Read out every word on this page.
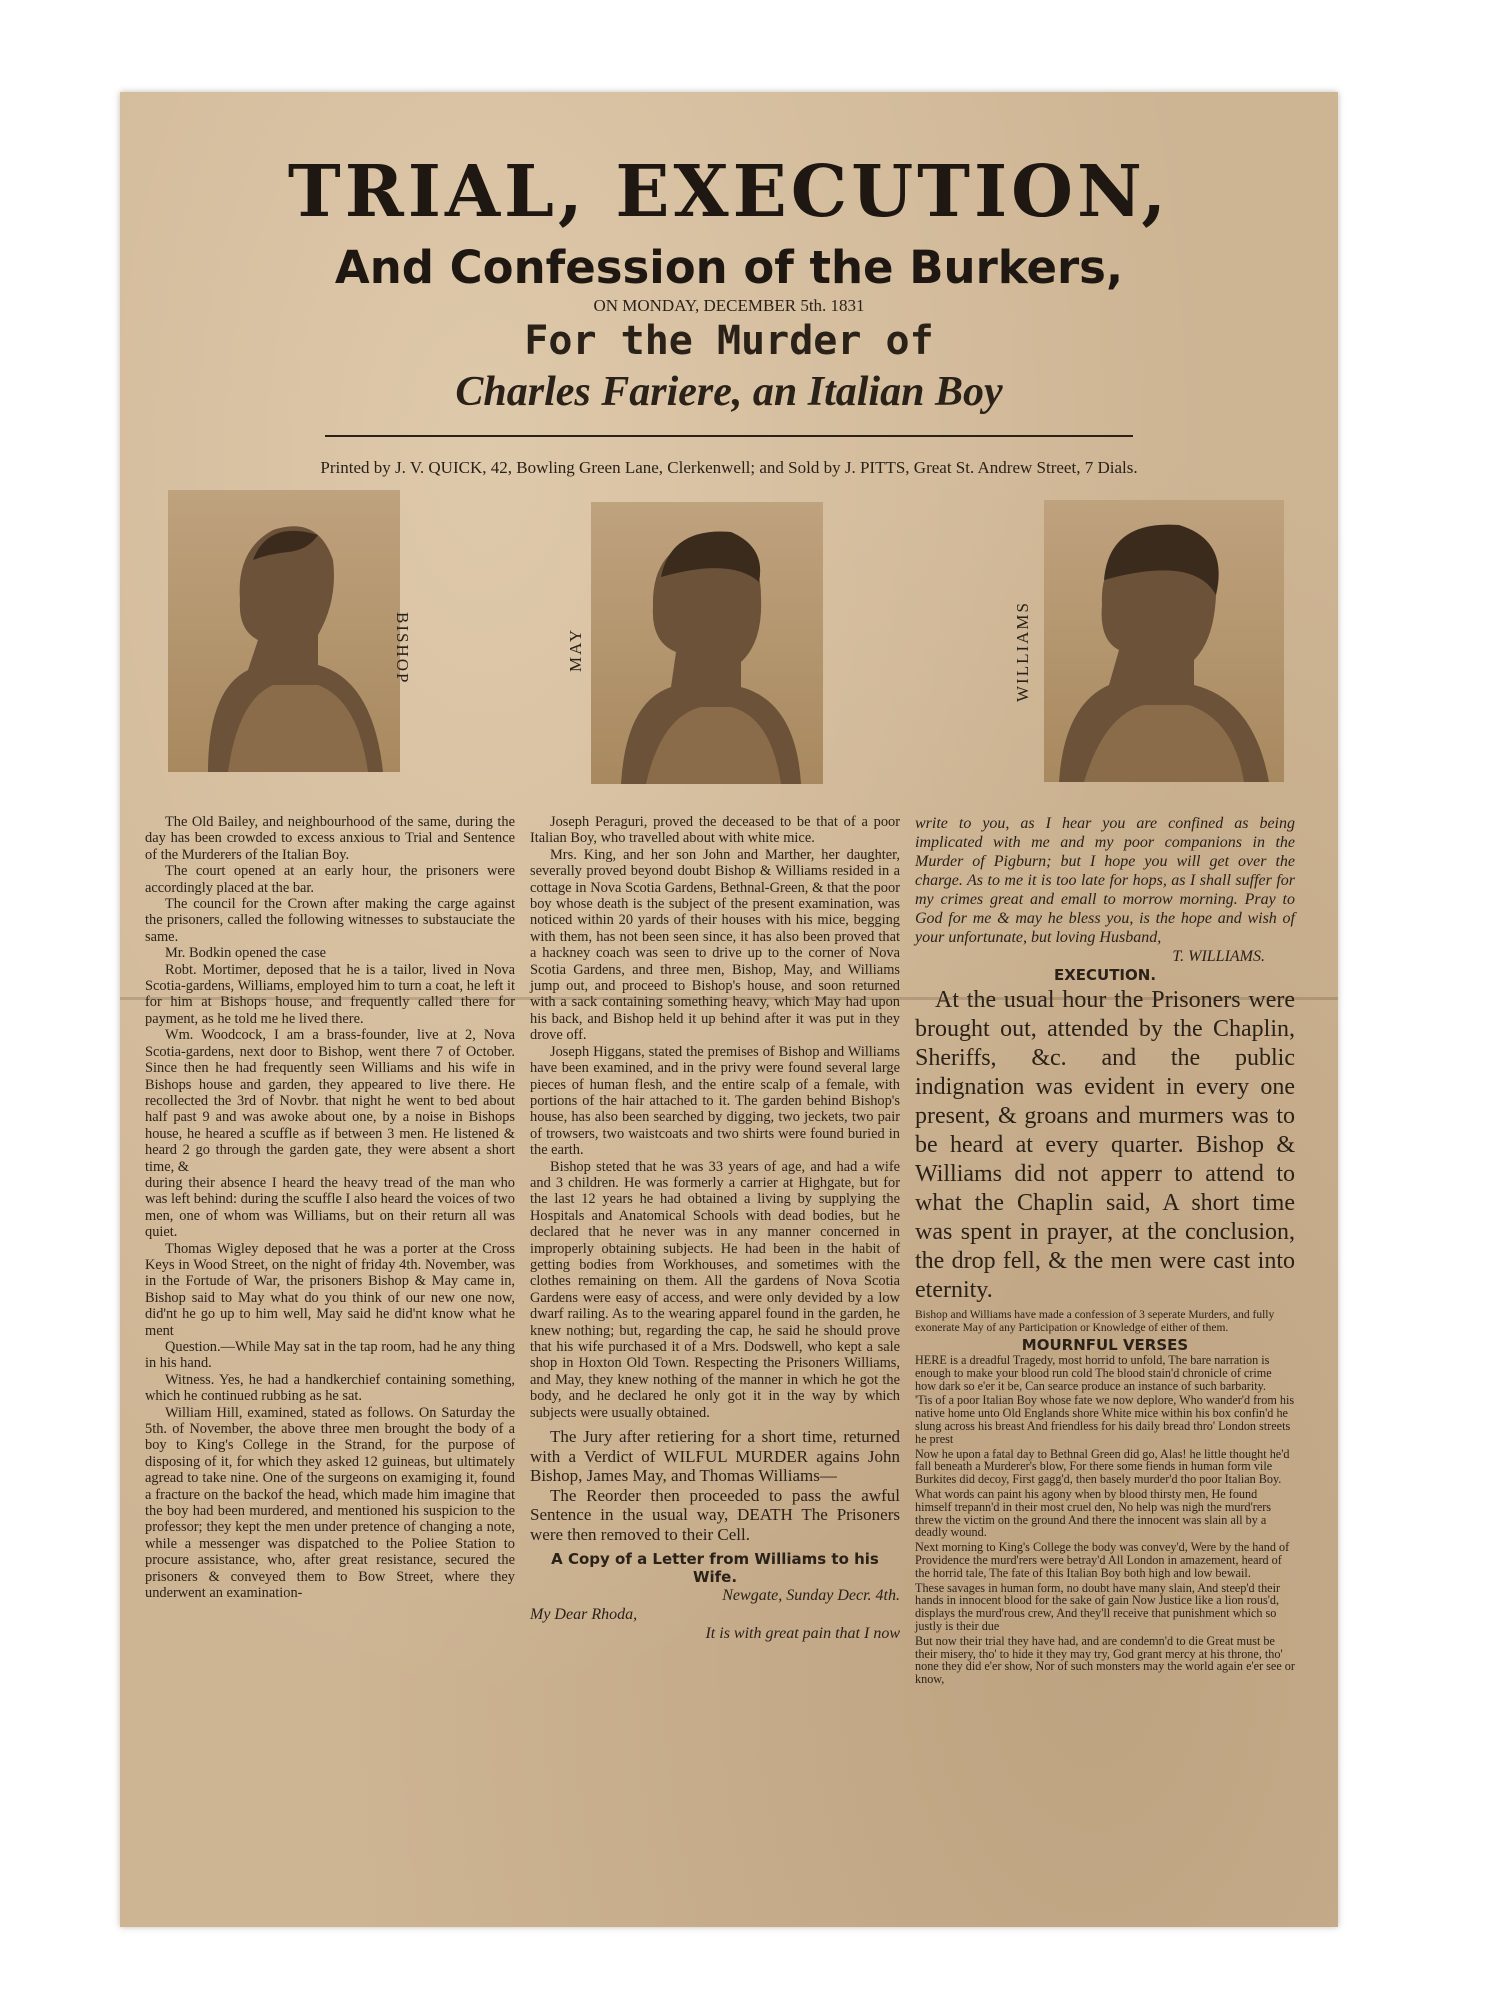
TRIAL, EXECUTION,
And Confession of the Burkers,
ON MONDAY, DECEMBER 5th. 1831
For the Murder of
Charles Fariere, an Italian Boy
Printed by J. V. QUICK, 42, Bowling Green Lane, Clerkenwell; and Sold by J. PITTS, Great St. Andrew Street, 7 Dials.
BISHOP	MAY	WILLIAMS

The Old Bailey, and neighbourhood of the same, during the day has been crowded to excess anxious to Trial and Sentence of the Murderers of the Italian Boy.

The court opened at an early hour, the prisoners were accordingly placed at the bar.

The council for the Crown after making the carge against the prisoners, called the following witnesses to substauciate the same.

Mr. Bodkin opened the case

Robt. Mortimer, deposed that he is a tailor, lived in Nova Scotia-gardens, Williams, employed him to turn a coat, he left it for him at Bishops house, and frequently called there for payment, as he told me he lived there.

Wm. Woodcock, I am a brass-founder, live at 2, Nova Scotia-gardens, next door to Bishop, went there 7 of October. Since then he had frequently seen Williams and his wife in Bishops house and garden, they appeared to live there. He recollected the 3rd of Novbr. that night he went to bed about half past 9 and was awoke about one, by a noise in Bishops house, he heared a scuffle as if between 3 men. He listened & heard 2 go through the garden gate, they were absent a short time, &

during their absence I heard the heavy tread of the man who was left behind: during the scuffle I also heard the voices of two men, one of whom was Williams, but on their return all was quiet.

Thomas Wigley deposed that he was a porter at the Cross Keys in Wood Street, on the night of friday 4th. November, was in the Fortude of War, the prisoners Bishop & May came in, Bishop said to May what do you think of our new one now, did'nt he go up to him well, May said he did'nt know what he ment

Question.—While May sat in the tap room, had he any thing in his hand.

Witness. Yes, he had a handkerchief containing something, which he continued rubbing as he sat.

William Hill, examined, stated as follows. On Saturday the 5th. of November, the above three men brought the body of a boy to King's College in the Strand, for the purpose of disposing of it, for which they asked 12 guineas, but ultimately agread to take nine. One of the surgeons on examiging it, found a fracture on the backof the head, which made him imagine that the boy had been murdered, and mentioned his suspicion to the professor; they kept the men under pretence of changing a note, while a messenger was dispatched to the Poliee Station to procure assistance, who, after great resistance, secured the prisoners & conveyed them to Bow Street, where they underwent an examination-

Joseph Peraguri, proved the deceased to be that of a poor Italian Boy, who travelled about with white mice.

Mrs. King, and her son John and Marther, her daughter, severally proved beyond doubt Bishop & Williams resided in a cottage in Nova Scotia Gardens, Bethnal-Green, & that the poor boy whose death is the subject of the present examination, was noticed within 20 yards of their houses with his mice, begging with them, has not been seen since, it has also been proved that a hackney coach was seen to drive up to the corner of Nova Scotia Gardens, and three men, Bishop, May, and Williams jump out, and proceed to Bishop's house, and soon returned with a sack containing something heavy, which May had upon his back, and Bishop held it up behind after it was put in they drove off.

Joseph Higgans, stated the premises of Bishop and Williams have been examined, and in the privy were found several large pieces of human flesh, and the entire scalp of a female, with portions of the hair attached to it. The garden behind Bishop's house, has also been searched by digging, two jeckets, two pair of trowsers, two waistcoats and two shirts were found buried in the earth.

Bishop steted that he was 33 years of age, and had a wife and 3 children. He was formerly a carrier at Highgate, but for the last 12 years he had obtained a living by supplying the Hospitals and Anatomical Schools with dead bodies, but he declared that he never was in any manner concerned in improperly obtaining subjects. He had been in the habit of getting bodies from Workhouses, and sometimes with the clothes remaining on them. All the gardens of Nova Scotia Gardens were easy of access, and were only devided by a low dwarf railing. As to the wearing apparel found in the garden, he knew nothing; but, regarding the cap, he said he should prove that his wife purchased it of a Mrs. Dodswell, who kept a sale shop in Hoxton Old Town. Respecting the Prisoners Williams, and May, they knew nothing of the manner in which he got the body, and he declared he only got it in the way by which subjects were usually obtained.

The Jury after retiering for a short time, returned with a Verdict of WILFUL MURDER agains John Bishop, James May, and Thomas Williams—

The Reorder then proceeded to pass the awful Sentence in the usual way, DEATH The Prisoners were then removed to their Cell.

A Copy of a Letter from Williams to his Wife.

Newgate, Sunday Decr. 4th.

My Dear Rhoda,

It is with great pain that I now

write to you, as I hear you are confined as being implicated with me and my poor companions in the Murder of Pigburn; but I hope you will get over the charge. As to me it is too late for hops, as I shall suffer for my crimes great and emall to morrow morning. Pray to God for me & may he bless you, is the hope and wish of your unfortunate, but loving Husband,

T. WILLIAMS.

EXECUTION.

At the usual hour the Prisoners were brought out, attended by the Chaplin, Sheriffs, &c. and the public indignation was evident in every one present, & groans and murmers was to be heard at every quarter. Bishop & Williams did not apperr to attend to what the Chaplin said, A short time was spent in prayer, at the conclusion, the drop fell, & the men were cast into eternity.

Bishop and Williams have made a confession of 3 seperate Murders, and fully exonerate May of any Participation or Knowledge of either of them.

MOURNFUL VERSES

HERE is a dreadful Tragedy, most horrid to unfold, The bare narration is enough to make your blood run cold The blood stain'd chronicle of crime how dark so e'er it be, Can searce produce an instance of such barbarity.

'Tis of a poor Italian Boy whose fate we now deplore, Who wander'd from his native home unto Old Englands shore White mice within his box confin'd he slung across his breast And friendless for his daily bread thro' London streets he prest

Now he upon a fatal day to Bethnal Green did go, Alas! he little thought he'd fall beneath a Murderer's blow, For there some fiends in human form vile Burkites did decoy, First gagg'd, then basely murder'd tho poor Italian Boy.

What words can paint his agony when by blood thirsty men, He found himself trepann'd in their most cruel den, No help was nigh the murd'rers threw the victim on the ground And there the innocent was slain all by a deadly wound.

Next morning to King's College the body was convey'd, Were by the hand of Providence the murd'rers were betray'd All London in amazement, heard of the horrid tale, The fate of this Italian Boy both high and low bewail.

These savages in human form, no doubt have many slain, And steep'd their hands in innocent blood for the sake of gain Now Justice like a lion rous'd, displays the murd'rous crew, And they'll receive that punishment which so justly is their due

But now their trial they have had, and are condemn'd to die Great must be their misery, tho' to hide it they may try, God grant mercy at his throne, tho' none they did e'er show, Nor of such monsters may the world again e'er see or know,
